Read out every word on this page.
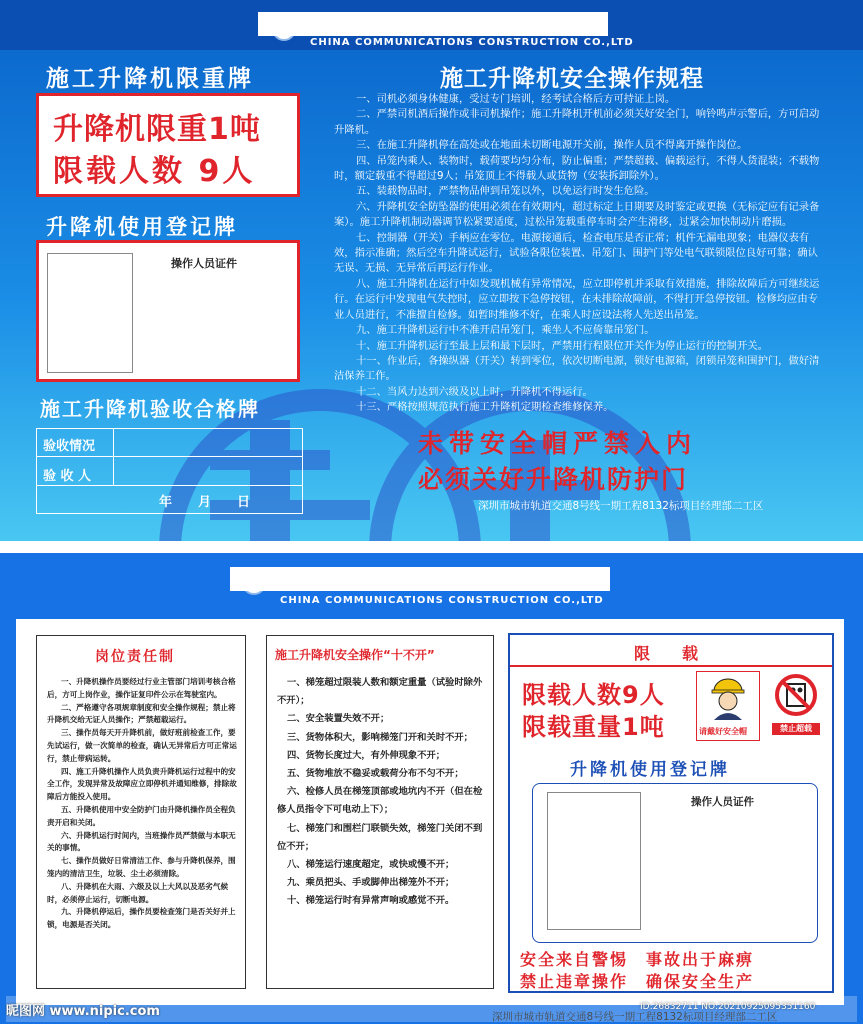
CHINA COMMUNICATIONS CONSTRUCTION CO.,LTD
施工升降机限重牌
升降机限重1吨
限载人数 9人
升降机使用登记牌
操作人员证件
施工升降机验收合格牌
验收情况
验 收 人
年　　月　　日
施工升降机安全操作规程

一、司机必须身体健康，受过专门培训，经考试合格后方可持证上岗。

二、严禁司机酒后操作或非司机操作；施工升降机开机前必须关好安全门，响铃鸣声示警后，方可启动升降机。

三、在施工升降机停在高处或在地面未切断电源开关前，操作人员不得离开操作岗位。

四、吊笼内乘人、装物时，载荷要均匀分布，防止偏重；严禁超载、偏载运行，不得人货混装；不载物时，额定载重不得超过9人；吊笼顶上不得载人或货物（安装拆卸除外）。

五、装载物品时，严禁物品伸到吊笼以外，以免运行时发生危险。

六、升降机安全防坠器的使用必须在有效期内，超过标定上日期要及时鉴定或更换（无标定应有记录备案）。施工升降机制动器调节松紧要适度，过松吊笼载重停车时会产生滑移，过紧会加快制动片磨损。

七、控制器（开关）手柄应在零位。电源接通后，检查电压是否正常；机件无漏电现象；电器仪表有效，指示准确；然后空车升降试运行，试验各限位装置、吊笼门、围护门等处电气联锁限位良好可靠；确认无误、无损、无异常后再运行作业。

八、施工升降机在运行中如发现机械有异常情况，应立即停机并采取有效措施，排除故障后方可继续运行。在运行中发现电气失控时，应立即按下急停按钮，在未排除故障前，不得打开急停按钮。检修均应由专业人员进行，不准擅自检修。如暂时维修不好，在乘人时应设法将人先送出吊笼。

九、施工升降机运行中不准开启吊笼门，乘坐人不应倚靠吊笼门。

十、施工升降机运行至最上层和最下层时，严禁用行程限位开关作为停止运行的控制开关。

十一、作业后，各操纵器（开关）转到零位，依次切断电源，锁好电源箱，闭锁吊笼和围护门，做好清洁保养工作。

十二、当风力达到六级及以上时，升降机不得运行。

十三、严格按照规范执行施工升降机定期检查维修保养。

未带安全帽严禁入内
必须关好升降机防护门
深圳市城市轨道交通8号线一期工程8132标项目经理部二工区
CHINA COMMUNICATIONS CONSTRUCTION CO.,LTD
岗位责任制

一、升降机操作员要经过行业主管部门培训考核合格后，方可上岗作业，操作证复印件公示在驾驶室内。

二、严格遵守各项规章制度和安全操作规程；禁止将升降机交给无证人员操作；严禁超载运行。

三、操作员每天开升降机前，做好班前检查工作，要先试运行，做一次简单的检查，确认无异常后方可正常运行，禁止带病运转。

四、施工升降机操作人员负责升降机运行过程中的安全工作，发现异常及故障应立即停机并通知维修，排除故障后方能投入使用。

五、升降机使用中安全防护门由升降机操作员全程负责开启和关闭。

六、升降机运行时间内，当班操作员严禁做与本职无关的事情。

七、操作员做好日常清洁工作、参与升降机保养，围笼内的清洁卫生，垃圾、尘土必须清除。

八、升降机在大雨、六级及以上大风以及恶劣气候时，必须停止运行，切断电源。

九、升降机停运后，操作员要检查笼门是否关好并上锁，电源是否关闭。

施工升降机安全操作“十不开”

一、梯笼超过限装人数和额定重量（试验时除外不开）；

二、安全装置失效不开；

三、货物体积大，影响梯笼门开和关时不开；

四、货物长度过大，有外伸现象不开；

五、货物堆放不稳妥或载荷分布不匀不开；

六、检修人员在梯笼顶部或地坑内不开（但在检修人员指令下可电动上下）；

七、梯笼门和围栏门联锁失效，梯笼门关闭不到位不开；

八、梯笼运行速度超定，或快或慢不开；

九、乘员把头、手或脚伸出梯笼外不开；

十、梯笼运行时有异常声响或感觉不开。

限　　载
限载人数9人
限载重量1吨	请戴好安全帽	禁止超载
升降机使用登记牌
操作人员证件
安全来自警惕　事故出于麻痹
禁止违章操作　确保安全生产
深圳市城市轨道交通8号线一期工程8132标项目经理部二工区
昵图网 www.nipic.com	ID:26832711 NO:20210925095351160
